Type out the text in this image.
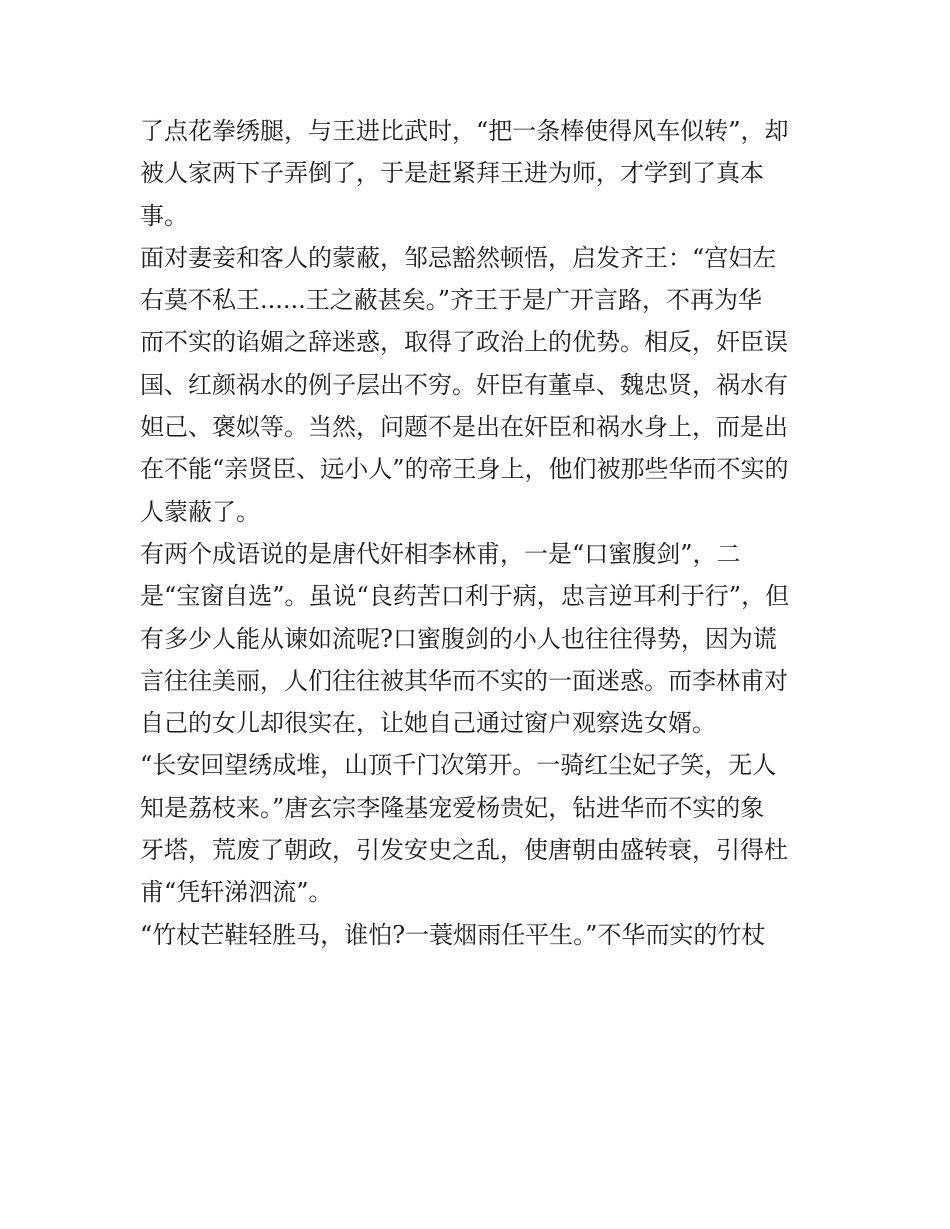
了点花拳绣腿，与王进比武时，“把一条棒使得风车似转”，却
被人家两下子弄倒了，于是赶紧拜王进为师，才学到了真本
事。
面对妻妾和客人的蒙蔽，邹忌豁然顿悟，启发齐王：“宫妇左
右莫不私王......王之蔽甚矣。”齐王于是广开言路，不再为华
而不实的谄媚之辞迷惑，取得了政治上的优势。相反，奸臣误
国、红颜祸水的例子层出不穷。奸臣有董卓、魏忠贤，祸水有
妲己、褒姒等。当然，问题不是出在奸臣和祸水身上，而是出
在不能“亲贤臣、远小人”的帝王身上，他们被那些华而不实的
人蒙蔽了。
有两个成语说的是唐代奸相李林甫，一是“口蜜腹剑”，二
是“宝窗自选”。虽说“良药苦口利于病，忠言逆耳利于行”，但
有多少人能从谏如流呢?口蜜腹剑的小人也往往得势，因为谎
言往往美丽，人们往往被其华而不实的一面迷惑。而李林甫对
自己的女儿却很实在，让她自己通过窗户观察选女婿。
“长安回望绣成堆，山顶千门次第开。一骑红尘妃子笑，无人
知是荔枝来。”唐玄宗李隆基宠爱杨贵妃，钻进华而不实的象
牙塔，荒废了朝政，引发安史之乱，使唐朝由盛转衰，引得杜
甫“凭轩涕泗流”。
“竹杖芒鞋轻胜马，谁怕?一蓑烟雨任平生。”不华而实的竹杖
